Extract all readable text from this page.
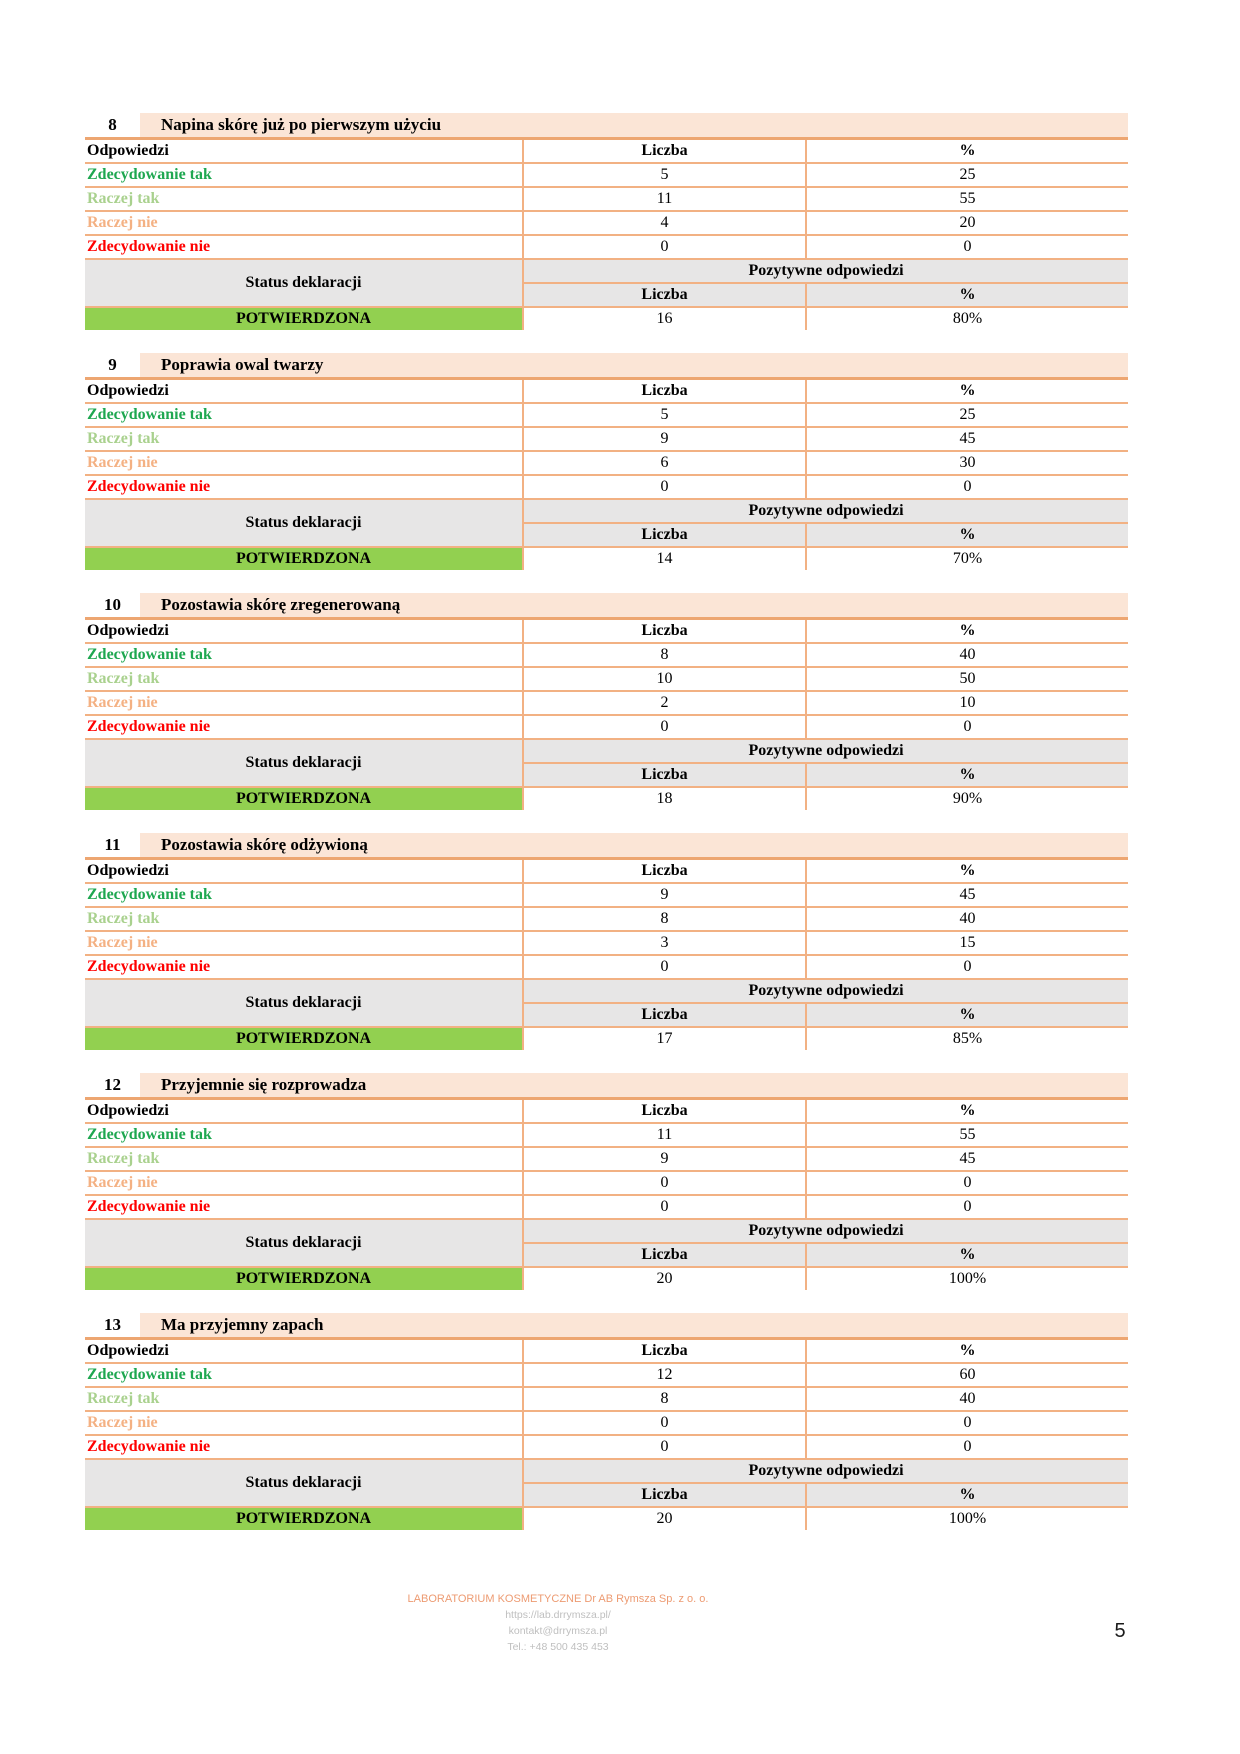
8	Napina skórę już po pierwszym użyciu
Odpowiedzi	Liczba	%
Zdecydowanie tak	5	25
Raczej tak	11	55
Raczej nie	4	20
Zdecydowanie nie	0	0
Status deklaracji	Pozytywne odpowiedzi	
	Liczba	%
POTWIERDZONA	16	80%
9	Poprawia owal twarzy
Odpowiedzi	Liczba	%
Zdecydowanie tak	5	25
Raczej tak	9	45
Raczej nie	6	30
Zdecydowanie nie	0	0
Status deklaracji	Pozytywne odpowiedzi	
	Liczba	%
POTWIERDZONA	14	70%
10	Pozostawia skórę zregenerowaną
Odpowiedzi	Liczba	%
Zdecydowanie tak	8	40
Raczej tak	10	50
Raczej nie	2	10
Zdecydowanie nie	0	0
Status deklaracji	Pozytywne odpowiedzi	
	Liczba	%
POTWIERDZONA	18	90%
11	Pozostawia skórę odżywioną
Odpowiedzi	Liczba	%
Zdecydowanie tak	9	45
Raczej tak	8	40
Raczej nie	3	15
Zdecydowanie nie	0	0
Status deklaracji	Pozytywne odpowiedzi	
	Liczba	%
POTWIERDZONA	17	85%
12	Przyjemnie się rozprowadza
Odpowiedzi	Liczba	%
Zdecydowanie tak	11	55
Raczej tak	9	45
Raczej nie	0	0
Zdecydowanie nie	0	0
Status deklaracji	Pozytywne odpowiedzi	
	Liczba	%
POTWIERDZONA	20	100%
13	Ma przyjemny zapach
Odpowiedzi	Liczba	%
Zdecydowanie tak	12	60
Raczej tak	8	40
Raczej nie	0	0
Zdecydowanie nie	0	0
Status deklaracji	Pozytywne odpowiedzi	
	Liczba	%
POTWIERDZONA	20	100%
LABORATORIUM KOSMETYCZNE Dr AB Rymsza Sp. z o. o.
https://lab.drrymsza.pl/
kontakt@drrymsza.pl
Tel.: +48 500 435 453
5
